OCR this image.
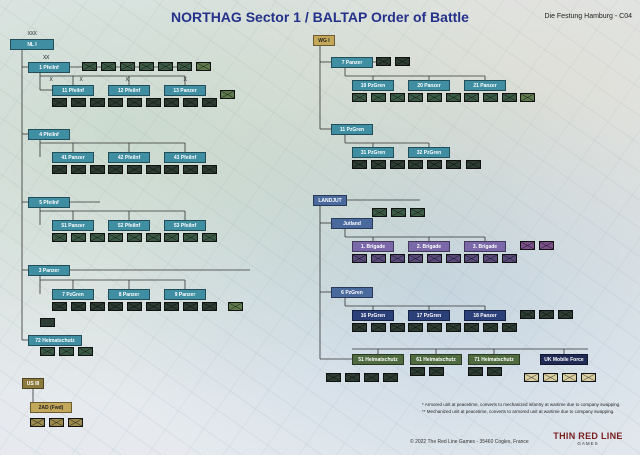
NORTHAG Sector 1 / BALTAP Order of Battle	Die Festung Hamburg - C04
XXX
NL I
XX
1 Pfeilnf
X	X	X	X
11 Pfeilnf	12 Pfeilnf	13 Panzer
4 Pfeilnf
41 Panzer	42 Pfeilnf	43 Pfeilnf
5 Pfeilnf
51 Panzer	52 Pfeilnf	53 Pfeilnf
3 Panzer
7 PzGren	8 Panzer	9 Panzer
72 Heimatschutz
US III
2AD (Fwd)
WG I
7 Panzer
19 PzGren	20 Panzer	21 Panzer
11 PzGren
31 PzGren	32 PzGren
LANDJUT
Jutland
1. Brigade	2. Brigade	3. Brigade
6 PzGren
16 PzGren	17 PzGren	18 Panzer
51 Heimatschutz	61 Heimatschutz	71 Heimatschutz	UK Mobile Force
* Armored unit at peacetime, converts to mechanized infantry at wartime due to company swapping.
** Mechanized unit at peacetime, converts to armored unit at wartime due to company swapping.
© 2022 The Red Line Games - 35460 Cogles, France
THIN RED LINE
GAMES
